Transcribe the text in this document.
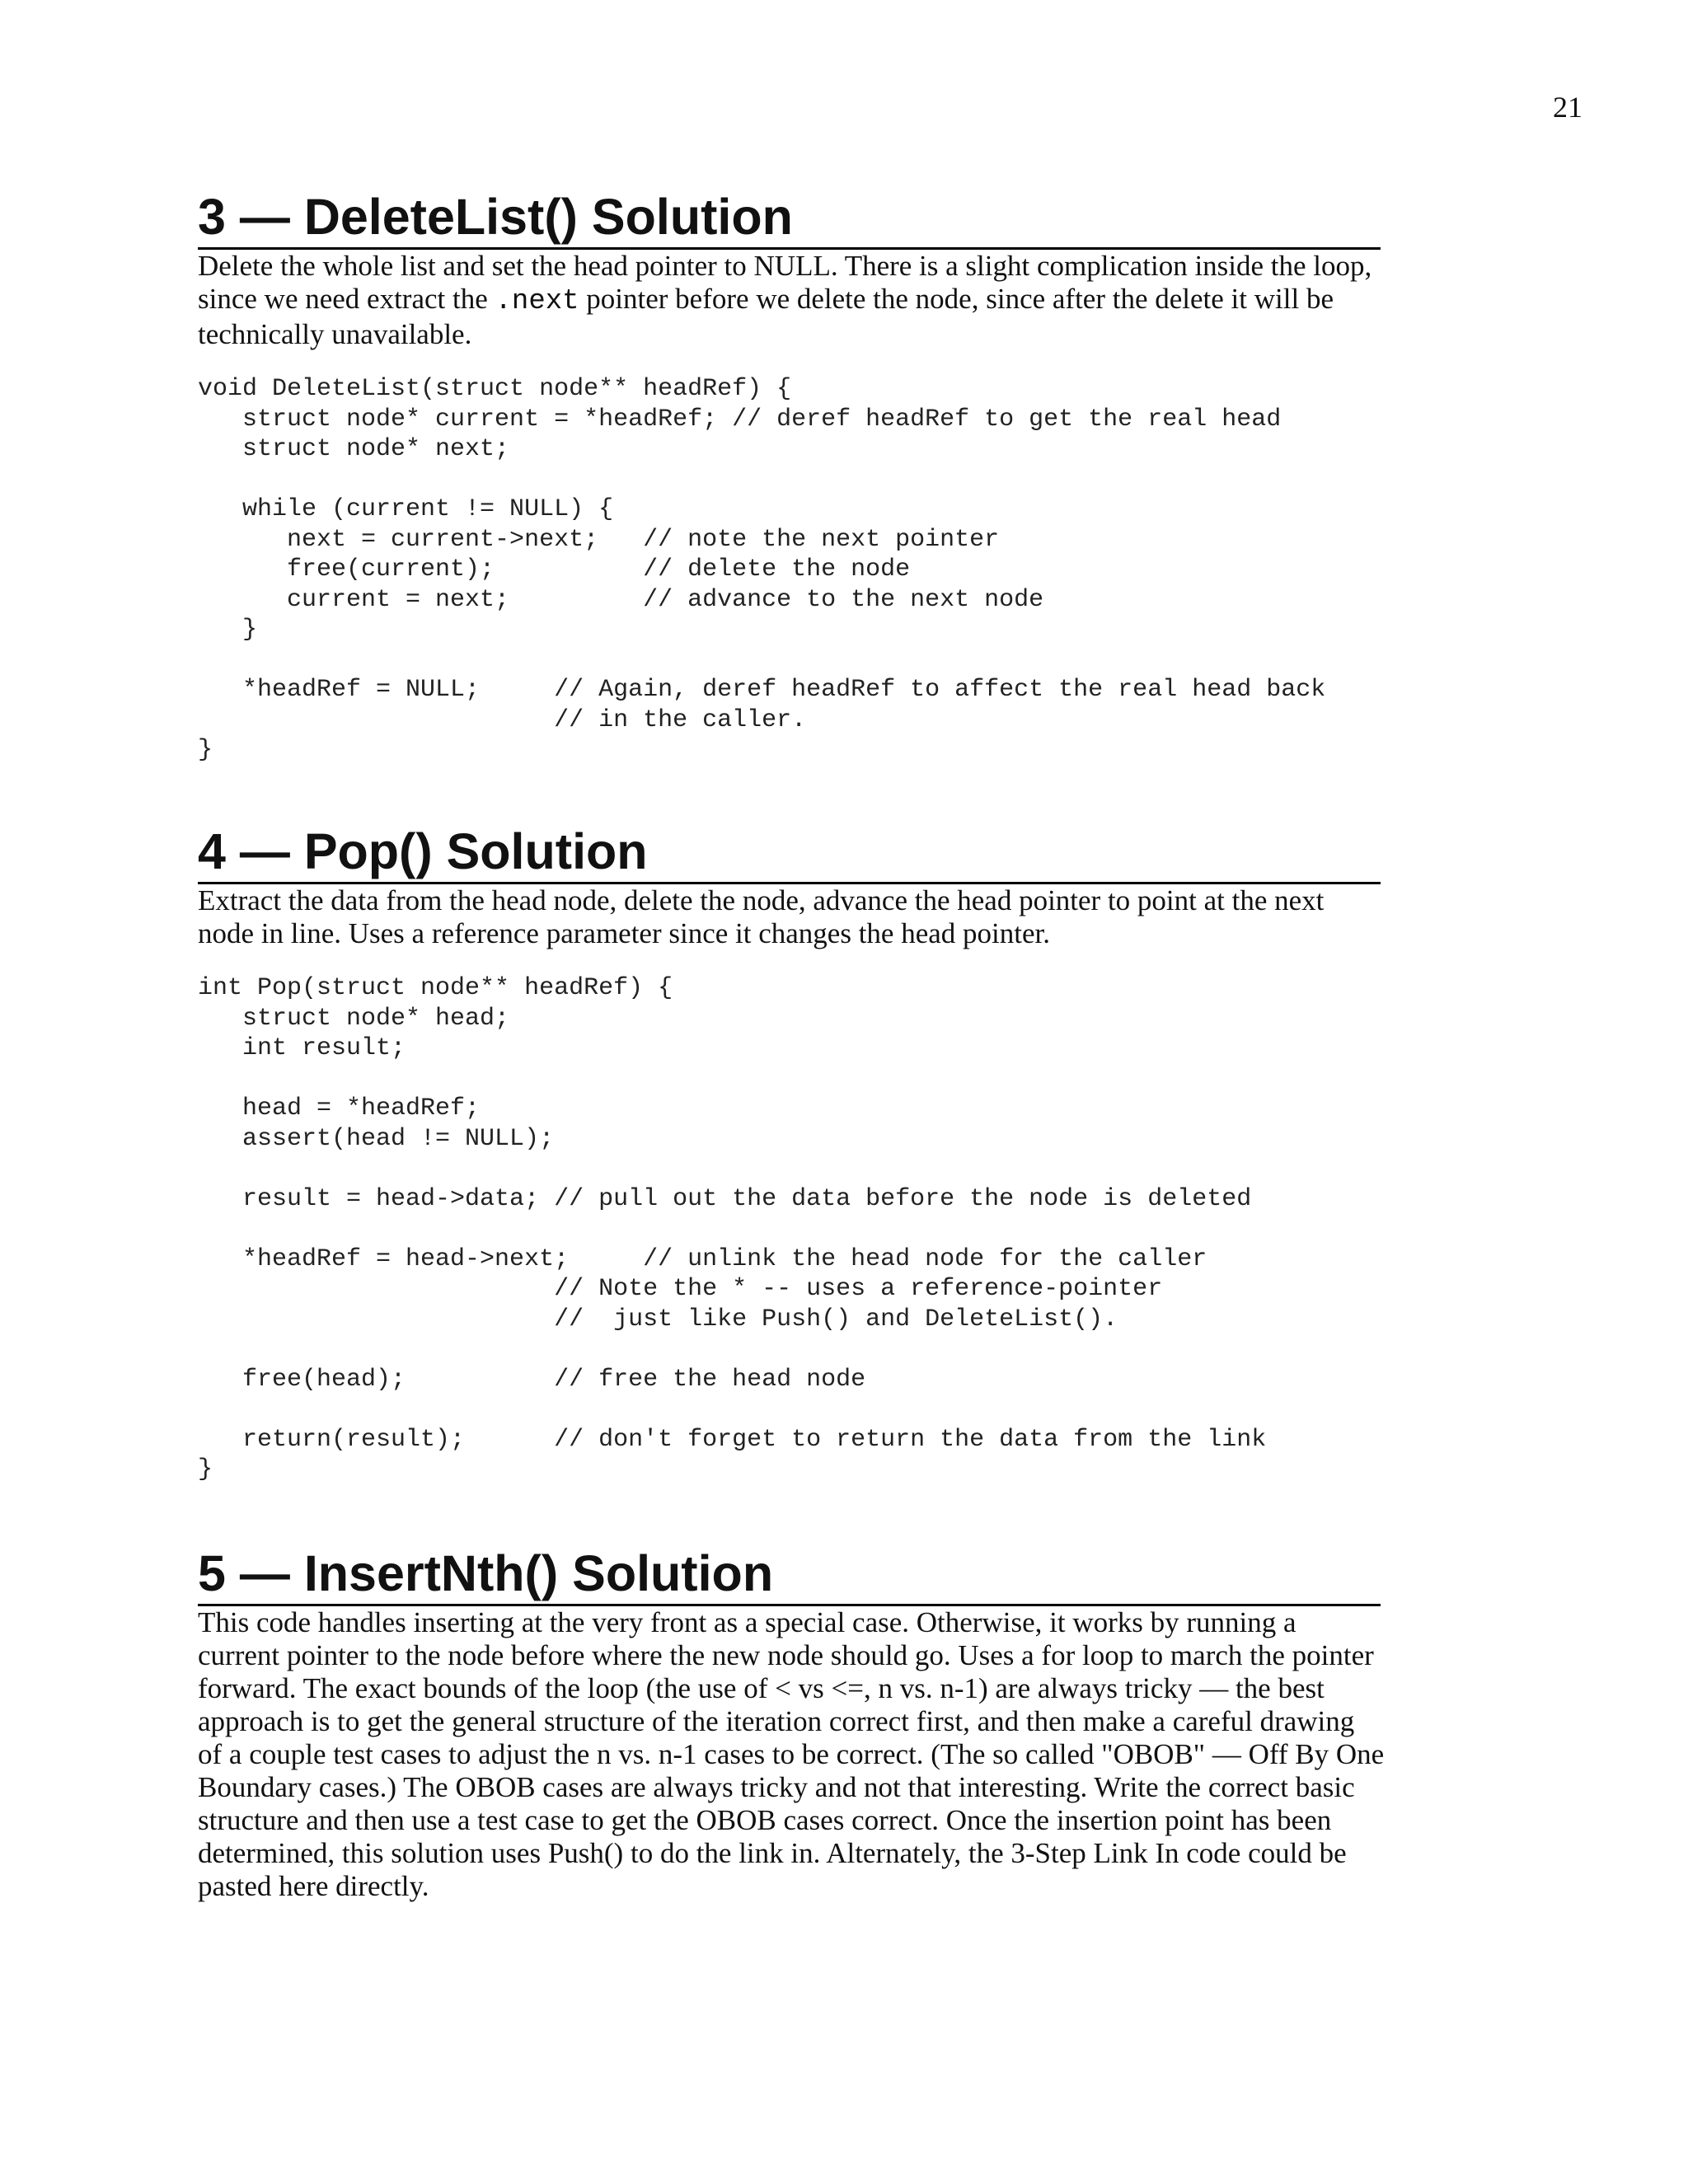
21
3 — DeleteList() Solution

Delete the whole list and set the head pointer to NULL. There is a slight complication inside the loop, since we need extract the .next pointer before we delete the node, since after the delete it will be technically unavailable.

void DeleteList(struct node** headRef) {
struct node* current = *headRef; // deref headRef to get the real head
struct node* next;

while (current != NULL) {
next = current->next;   // note the next pointer
free(current);          // delete the node
current = next;         // advance to the next node
}

*headRef = NULL;     // Again, deref headRef to affect the real head back
// in the caller.
}
4 — Pop() Solution

Extract the data from the head node, delete the node, advance the head pointer to point at the next node in line. Uses a reference parameter since it changes the head pointer.

int Pop(struct node** headRef) {
struct node* head;
int result;

head = *headRef;
assert(head != NULL);

result = head->data; // pull out the data before the node is deleted

*headRef = head->next;     // unlink the head node for the caller
// Note the * -- uses a reference-pointer
//  just like Push() and DeleteList().

free(head);          // free the head node

return(result);      // don't forget to return the data from the link
}
5 — InsertNth() Solution

This code handles inserting at the very front as a special case. Otherwise, it works by running a current pointer to the node before where the new node should go. Uses a for loop to march the pointer forward. The exact bounds of the loop (the use of < vs <=, n vs. n-1) are always tricky — the best approach is to get the general structure of the iteration correct first, and then make a careful drawing of a couple test cases to adjust the n vs. n-1 cases to be correct. (The so called "OBOB" — Off By One Boundary cases.) The OBOB cases are always tricky and not that interesting. Write the correct basic structure and then use a test case to get the OBOB cases correct. Once the insertion point has been determined, this solution uses Push() to do the link in. Alternately, the 3-Step Link In code could be pasted here directly.
